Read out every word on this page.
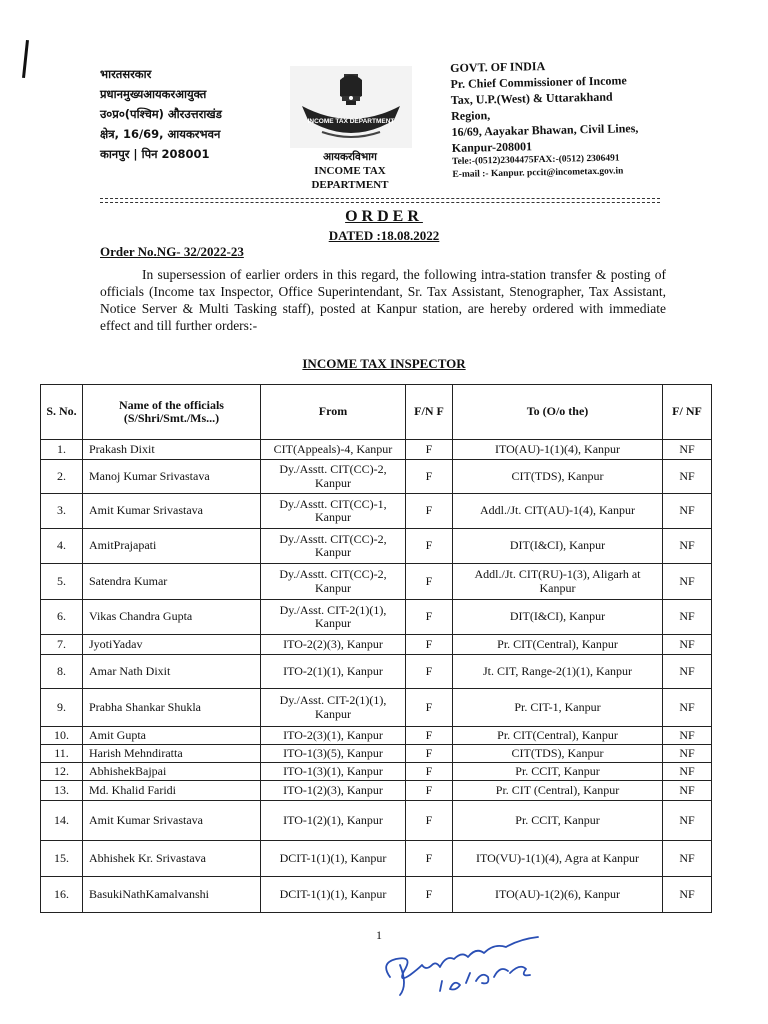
भारतसरकार
प्रधानमुख्यआयकरआयुक्त
उ०प्र०(पश्चिम) औरउत्तराखंड
क्षेत्र, 16/69, आयकरभवन
कानपुर | पिन 208001
INCOME TAX DEPARTMENT
आयकरविभाग
INCOME TAX
DEPARTMENT
GOVT. OF INDIA
Pr. Chief Commissioner of Income
Tax, U.P.(West) & Uttarakhand
Region,
16/69, Aayakar Bhawan, Civil Lines,
Kanpur-208001
Tele:-(0512)2304475FAX:-(0512) 2306491
E-mail :- Kanpur. pccit@incometax.gov.in
ORDER
DATED :18.08.2022
Order No.NG- 32/2022-23
In supersession of earlier orders in this regard, the following intra-station transfer & posting of officials (Income tax Inspector, Office Superintendant, Sr. Tax Assistant, Stenographer, Tax Assistant, Notice Server & Multi Tasking staff), posted at Kanpur station, are hereby ordered with immediate effect and till further orders:-
INCOME TAX INSPECTOR
S. No.	Name of the officials (S/Shri/Smt./Ms...)	From	F/N F	To (O/o the)	F/ NF
1.	Prakash Dixit	CIT(Appeals)-4, Kanpur	F	ITO(AU)-1(1)(4), Kanpur	NF
2.	Manoj Kumar Srivastava	Dy./Asstt. CIT(CC)-2, Kanpur	F	CIT(TDS), Kanpur	NF
3.	Amit Kumar Srivastava	Dy./Asstt. CIT(CC)-1, Kanpur	F	Addl./Jt. CIT(AU)-1(4), Kanpur	NF
4.	AmitPrajapati	Dy./Asstt. CIT(CC)-2, Kanpur	F	DIT(I&CI), Kanpur	NF
5.	Satendra Kumar	Dy./Asstt. CIT(CC)-2, Kanpur	F	Addl./Jt. CIT(RU)-1(3), Aligarh at Kanpur	NF
6.	Vikas Chandra Gupta	Dy./Asst. CIT-2(1)(1), Kanpur	F	DIT(I&CI), Kanpur	NF
7.	JyotiYadav	ITO-2(2)(3), Kanpur	F	Pr. CIT(Central), Kanpur	NF
8.	Amar Nath Dixit	ITO-2(1)(1), Kanpur	F	Jt. CIT, Range-2(1)(1), Kanpur	NF
9.	Prabha Shankar Shukla	Dy./Asst. CIT-2(1)(1), Kanpur	F	Pr. CIT-1, Kanpur	NF
10.	Amit Gupta	ITO-2(3)(1), Kanpur	F	Pr. CIT(Central), Kanpur	NF
11.	Harish Mehndiratta	ITO-1(3)(5), Kanpur	F	CIT(TDS), Kanpur	NF
12.	AbhishekBajpai	ITO-1(3)(1), Kanpur	F	Pr. CCIT, Kanpur	NF
13.	Md. Khalid Faridi	ITO-1(2)(3), Kanpur	F	Pr. CIT (Central), Kanpur	NF
14.	Amit Kumar Srivastava	ITO-1(2)(1), Kanpur	F	Pr. CCIT, Kanpur	NF
15.	Abhishek Kr. Srivastava	DCIT-1(1)(1), Kanpur	F	ITO(VU)-1(1)(4), Agra at Kanpur	NF
16.	BasukiNathKamalvanshi	DCIT-1(1)(1), Kanpur	F	ITO(AU)-1(2)(6), Kanpur	NF
1
